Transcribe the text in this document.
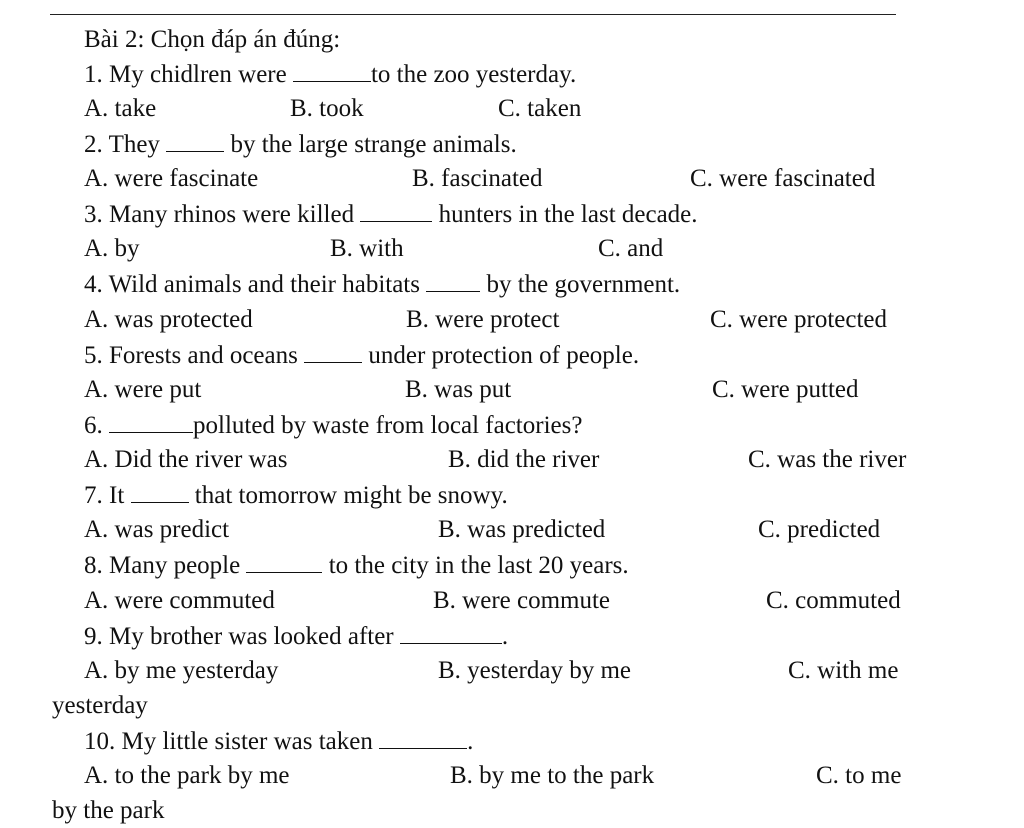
Bài 2: Chọn đáp án đúng:
1. My chidlren were	to the zoo yesterday.
A. take	B. took	C. taken
2. They	by the large strange animals.
A. were fascinate	B. fascinated	C. were fascinated
3. Many rhinos were killed	hunters in the last decade.
A. by	B. with	C. and
4. Wild animals and their habitats	by the government.
A. was protected	B. were protect	C. were protected
5. Forests and oceans	under protection of people.
A. were put	B. was put	C. were putted
6.	polluted by waste from local factories?
A. Did the river was	B. did the river	C. was the river
7. It	that tomorrow might be snowy.
A. was predict	B. was predicted	C. predicted
8. Many people	to the city in the last 20 years.
A. were commuted	B. were commute	C. commuted
9. My brother was looked after	.
A. by me yesterday	B. yesterday by me	C. with me
yesterday
10. My little sister was taken	.
A. to the park by me	B. by me to the park	C. to me
by the park
